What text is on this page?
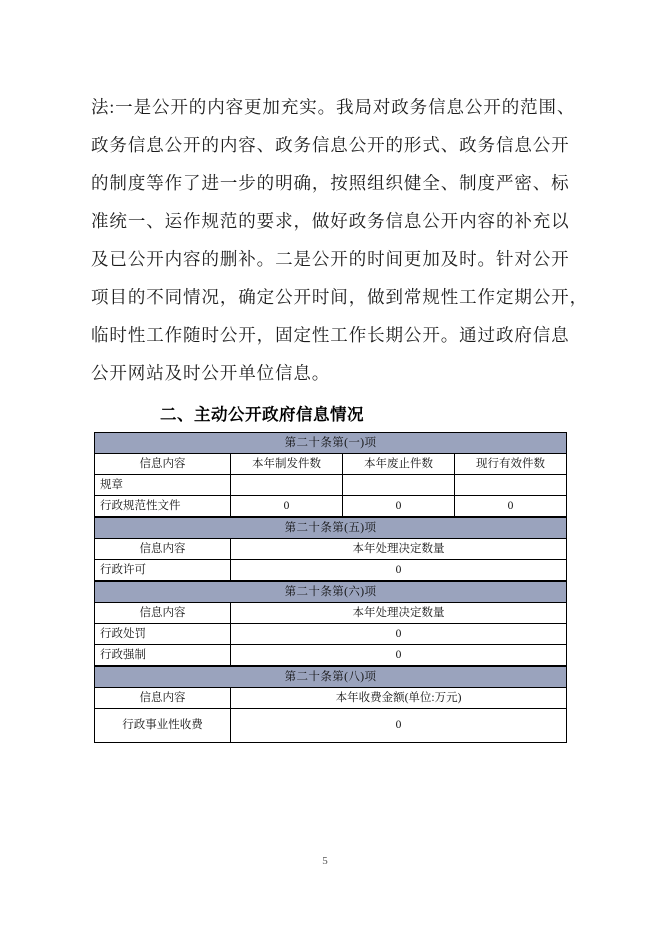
法 : 一 是 公 开 的 内 容 更 加 充 实 。 我 局 对 政 务 信 息 公 开 的 范 围 、
政 务 信 息 公 开 的 内 容 、 政 务 信 息 公 开 的 形 式 、 政 务 信 息 公 开
的 制 度 等 作 了 进 一 步 的 明 确 ， 按 照 组 织 健 全 、 制 度 严 密 、 标
准 统 一 、 运 作 规 范 的 要 求 ， 做 好 政 务 信 息 公 开 内 容 的 补 充 以
及 已 公 开 内 容 的 删 补 。 二 是 公 开 的 时 间 更 加 及 时 。 针 对 公 开
项 目 的 不 同 情 况 ， 确 定 公 开 时 间 ， 做 到 常 规 性 工 作 定 期 公 开 ，
临 时 性 工 作 随 时 公 开 ， 固 定 性 工 作 长 期 公 开 。 通 过 政 府 信 息
公开网站及时公开单位信息。
二、主动公开政府信息情况
第二十条第(一)项			
信息内容	本年制发件数	本年废止件数	现行有效件数
规章			
行政规范性文件	0	0	0
第二十条第(五)项	
信息内容	本年处理决定数量
行政许可	0
第二十条第(六)项	
信息内容	本年处理决定数量
行政处罚	0
行政强制	0
第二十条第(八)项	
信息内容	本年收费金额(单位:万元)
行政事业性收费	0
5
